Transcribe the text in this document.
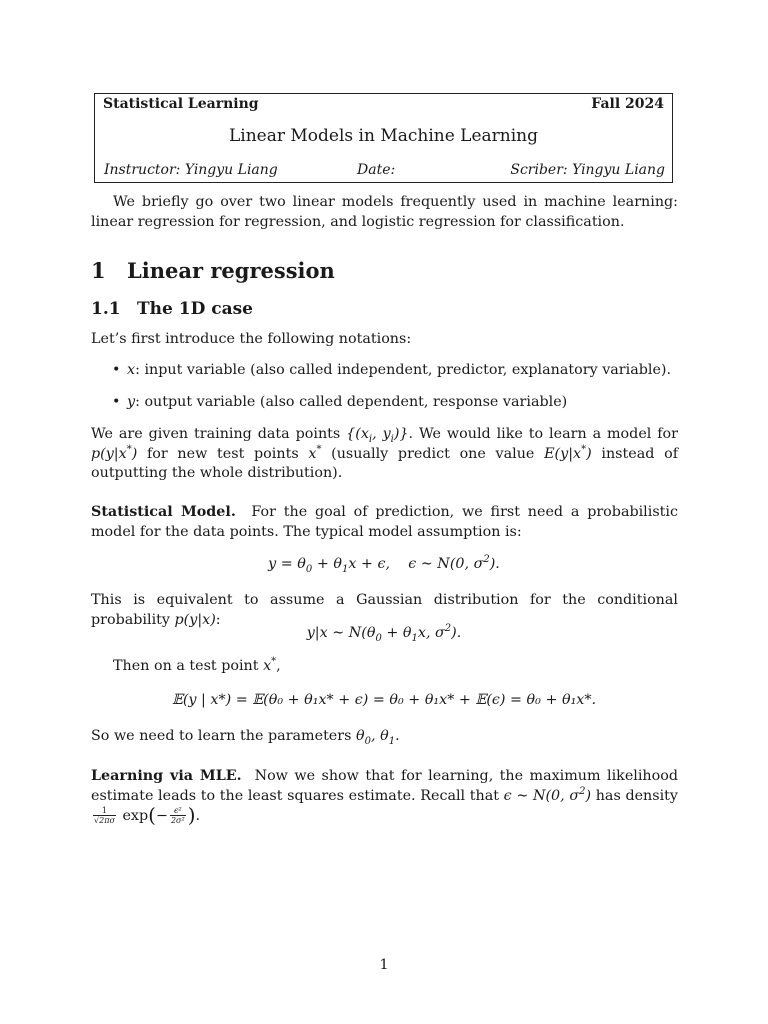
Statistical Learning	Fall 2024
Linear Models in Machine Learning
Instructor: Yingyu Liang	Date:	Scriber: Yingyu Liang
We briefly go over two linear models frequently used in machine learning: linear regression for regression, and logistic regression for classification.
1 Linear regression
1.1 The 1D case
Let’s first introduce the following notations:
• x: input variable (also called independent, predictor, explanatory variable).
• y: output variable (also called dependent, response variable)
We are given training data points {($x_i$, $y_i$)}. We would like to learn a model for p(y|x*) for new test points x* (usually predict one value E(y|x*) instead of outputting the whole distribution).
Statistical Model. For the goal of prediction, we first need a probabilistic model for the data points. The typical model assumption is:
$y = \theta_0 + \theta_1x + \epsilon$, ϵ ∼ N(0, $\sigma^2$).
This is equivalent to assume a Gaussian distribution for the conditional probability p(y|x):
y|x ∼ $N(\theta_0 + \theta_1x$, $\sigma^2$).
Then on a test point x*,
𝔼(y | x*) = 𝔼(θ₀ + θ₁x* + ϵ) = θ₀ + θ₁x* + 𝔼(ϵ) = θ₀ + θ₁x*.
So we need to learn the parameters $\theta_0$, $\theta_1$.
Learning via MLE. Now we show that for learning, the maximum likelihood estimate leads to the least squares estimate. Recall that ϵ ∼ N(0, $\sigma^2$) has density
$\frac{1}{√2\pi\sigma} \exp(- \frac{\text{ϵ²}}{\text{2σ²}}$ ).
1
